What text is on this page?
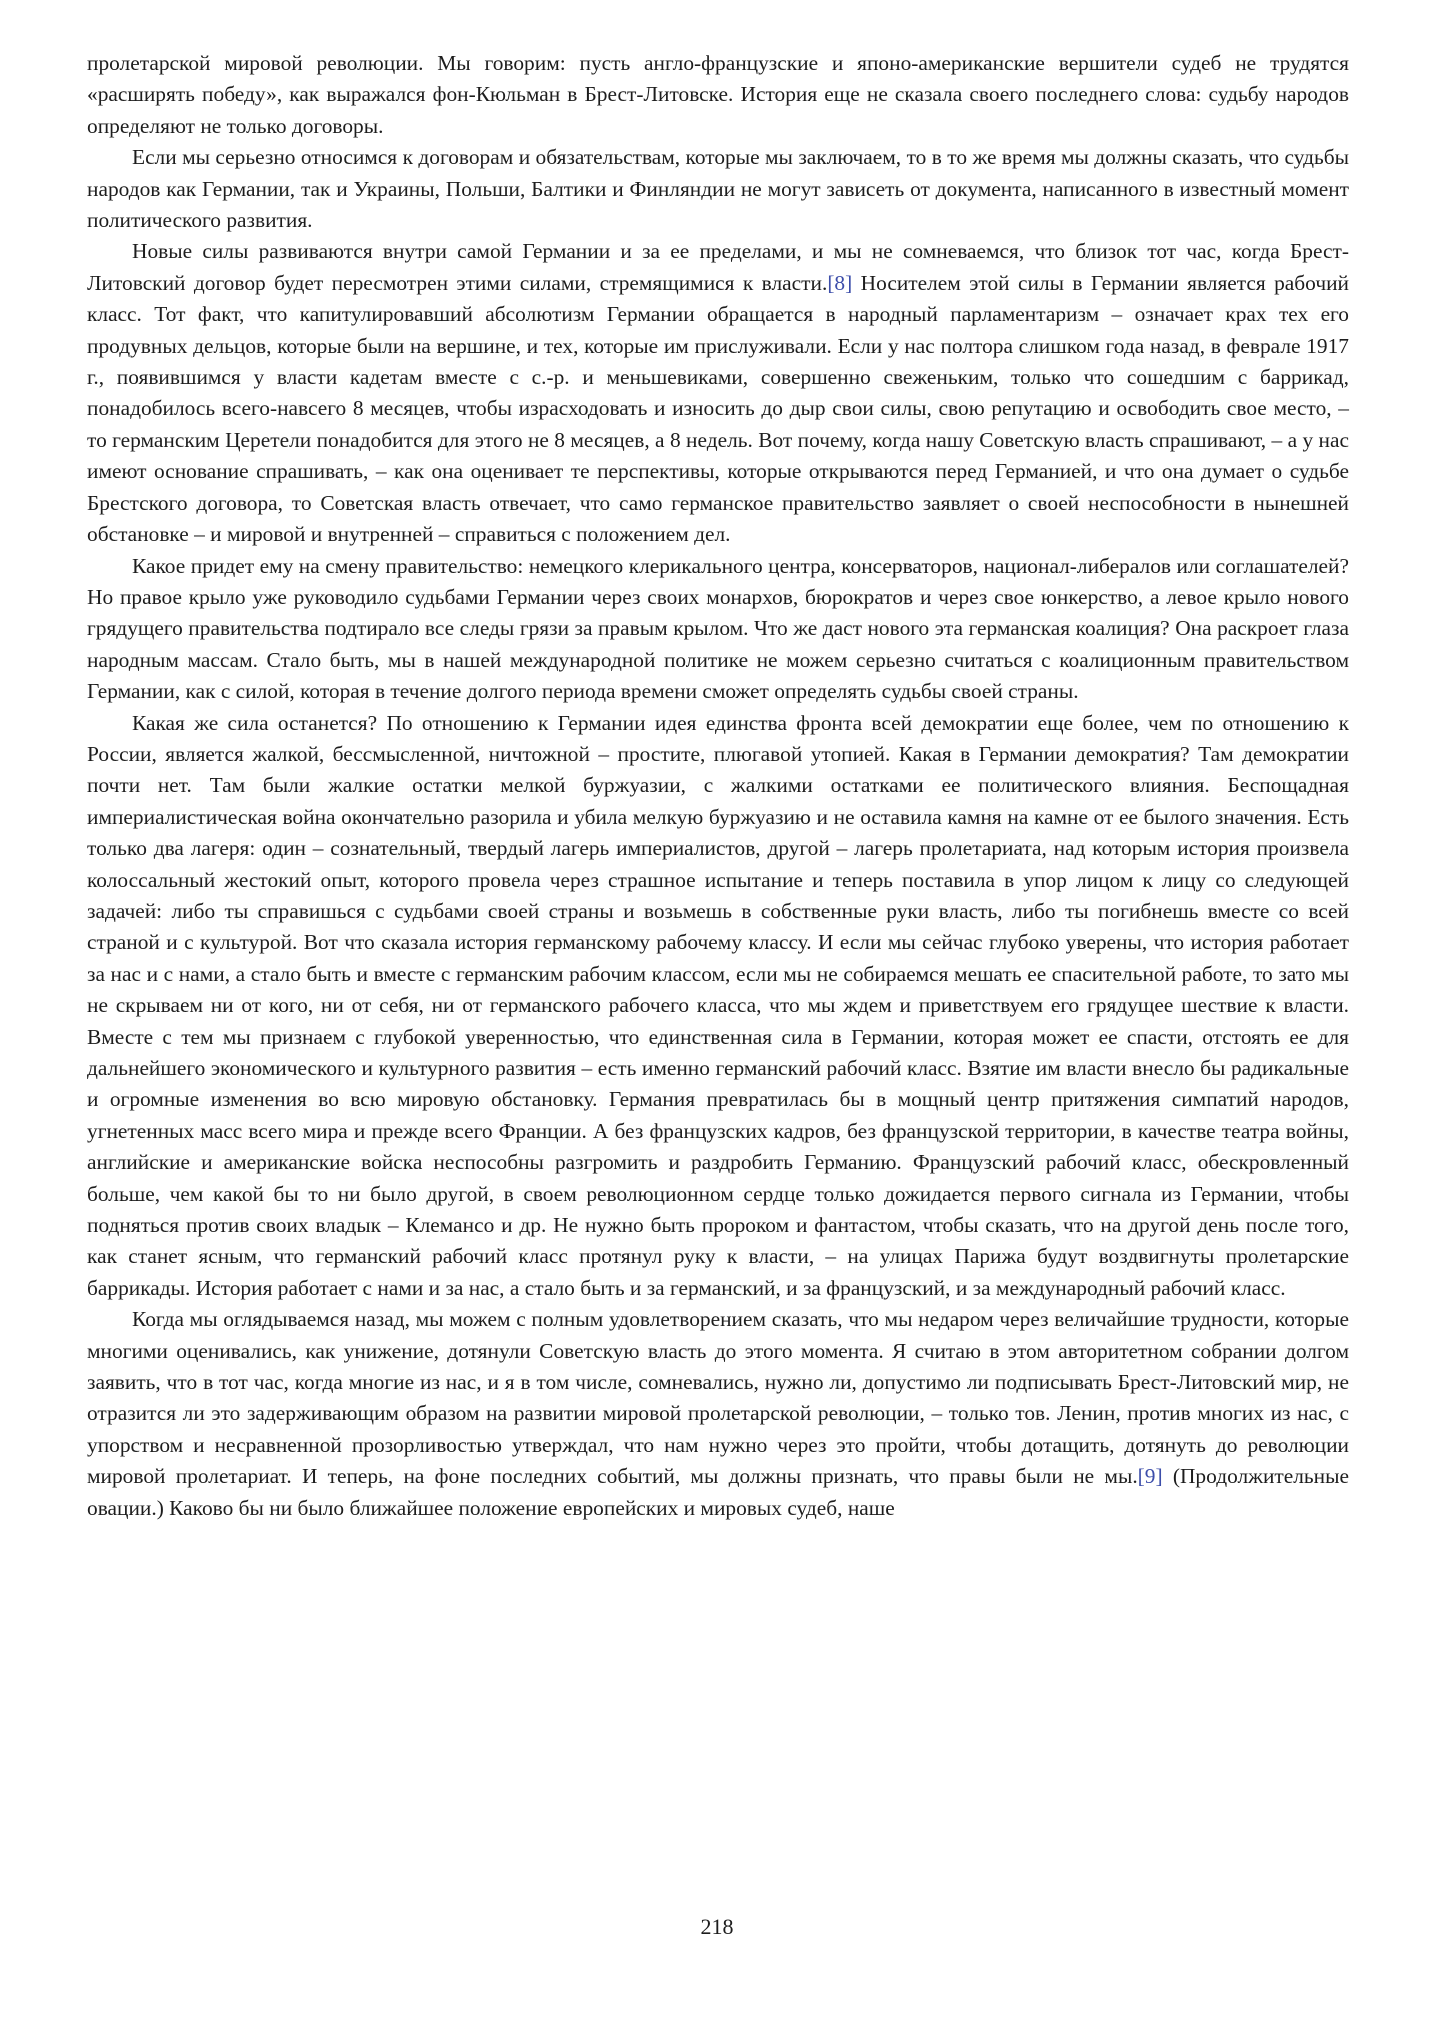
пролетарской мировой революции. Мы говорим: пусть англо-французские и японо-американские вершители судеб не трудятся «расширять победу», как выражался фон-Кюльман в Брест-Литовске. История еще не сказала своего последнего слова: судьбу народов определяют не только договоры.

Если мы серьезно относимся к договорам и обязательствам, которые мы заключаем, то в то же время мы должны сказать, что судьбы народов как Германии, так и Украины, Польши, Балтики и Финляндии не могут зависеть от документа, написанного в известный момент политического развития.

Новые силы развиваются внутри самой Германии и за ее пределами, и мы не сомневаемся, что близок тот час, когда Брест-Литовский договор будет пересмотрен этими силами, стремящимися к власти.[8] Носителем этой силы в Германии является рабочий класс. Тот факт, что капитулировавший абсолютизм Германии обращается в народный парламентаризм – означает крах тех его продувных дельцов, которые были на вершине, и тех, которые им прислуживали. Если у нас полтора слишком года назад, в феврале 1917 г., появившимся у власти кадетам вместе с с.-р. и меньшевиками, совершенно свеженьким, только что сошедшим с баррикад, понадобилось всего-навсего 8 месяцев, чтобы израсходовать и износить до дыр свои силы, свою репутацию и освободить свое место, – то германским Церетели понадобится для этого не 8 месяцев, а 8 недель. Вот почему, когда нашу Советскую власть спрашивают, – а у нас имеют основание спрашивать, – как она оценивает те перспективы, которые открываются перед Германией, и что она думает о судьбе Брестского договора, то Советская власть отвечает, что само германское правительство заявляет о своей неспособности в нынешней обстановке – и мировой и внутренней – справиться с положением дел.

Какое придет ему на смену правительство: немецкого клерикального центра, консерваторов, национал-либералов или соглашателей? Но правое крыло уже руководило судьбами Германии через своих монархов, бюрократов и через свое юнкерство, а левое крыло нового грядущего правительства подтирало все следы грязи за правым крылом. Что же даст нового эта германская коалиция? Она раскроет глаза народным массам. Стало быть, мы в нашей международной политике не можем серьезно считаться с коалиционным правительством Германии, как с силой, которая в течение долгого периода времени сможет определять судьбы своей страны.

Какая же сила останется? По отношению к Германии идея единства фронта всей демократии еще более, чем по отношению к России, является жалкой, бессмысленной, ничтожной – простите, плюгавой утопией. Какая в Германии демократия? Там демократии почти нет. Там были жалкие остатки мелкой буржуазии, с жалкими остатками ее политического влияния. Беспощадная империалистическая война окончательно разорила и убила мелкую буржуазию и не оставила камня на камне от ее былого значения. Есть только два лагеря: один – сознательный, твердый лагерь империалистов, другой – лагерь пролетариата, над которым история произвела колоссальный жестокий опыт, которого провела через страшное испытание и теперь поставила в упор лицом к лицу со следующей задачей: либо ты справишься с судьбами своей страны и возьмешь в собственные руки власть, либо ты погибнешь вместе со всей страной и с культурой. Вот что сказала история германскому рабочему классу. И если мы сейчас глубоко уверены, что история работает за нас и с нами, а стало быть и вместе с германским рабочим классом, если мы не собираемся мешать ее спасительной работе, то зато мы не скрываем ни от кого, ни от себя, ни от германского рабочего класса, что мы ждем и приветствуем его грядущее шествие к власти. Вместе с тем мы признаем с глубокой уверенностью, что единственная сила в Германии, которая может ее спасти, отстоять ее для дальнейшего экономического и культурного развития – есть именно германский рабочий класс. Взятие им власти внесло бы радикальные и огромные изменения во всю мировую обстановку. Германия превратилась бы в мощный центр притяжения симпатий народов, угнетенных масс всего мира и прежде всего Франции. А без французских кадров, без французской территории, в качестве театра войны, английские и американские войска неспособны разгромить и раздробить Германию. Французский рабочий класс, обескровленный больше, чем какой бы то ни было другой, в своем революционном сердце только дожидается первого сигнала из Германии, чтобы подняться против своих владык – Клемансо и др. Не нужно быть пророком и фантастом, чтобы сказать, что на другой день после того, как станет ясным, что германский рабочий класс протянул руку к власти, – на улицах Парижа будут воздвигнуты пролетарские баррикады. История работает с нами и за нас, а стало быть и за германский, и за французский, и за международный рабочий класс.

Когда мы оглядываемся назад, мы можем с полным удовлетворением сказать, что мы недаром через величайшие трудности, которые многими оценивались, как унижение, дотянули Советскую власть до этого момента. Я считаю в этом авторитетном собрании долгом заявить, что в тот час, когда многие из нас, и я в том числе, сомневались, нужно ли, допустимо ли подписывать Брест-Литовский мир, не отразится ли это задерживающим образом на развитии мировой пролетарской революции, – только тов. Ленин, против многих из нас, с упорством и несравненной прозорливостью утверждал, что нам нужно через это пройти, чтобы дотащить, дотянуть до революции мировой пролетариат. И теперь, на фоне последних событий, мы должны признать, что правы были не мы.[9] (Продолжительные овации.) Каково бы ни было ближайшее положение европейских и мировых судеб, наше

218
